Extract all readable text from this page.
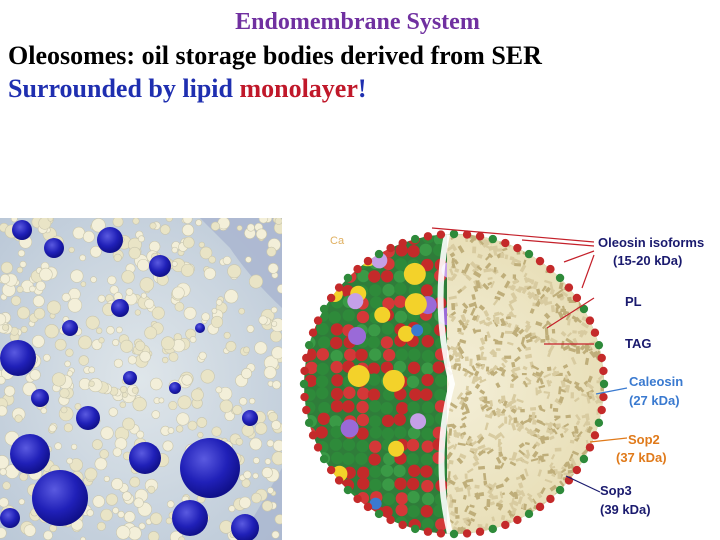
Endomembrane System
Oleosomes: oil storage bodies derived from SER
Surrounded by lipid monolayer!
Ca	Oleosin isoforms
(15-20 kDa)
PL
TAG
Caleosin
(27 kDa)
Sop2
(37 kDa)
Sop3
(39 kDa)
